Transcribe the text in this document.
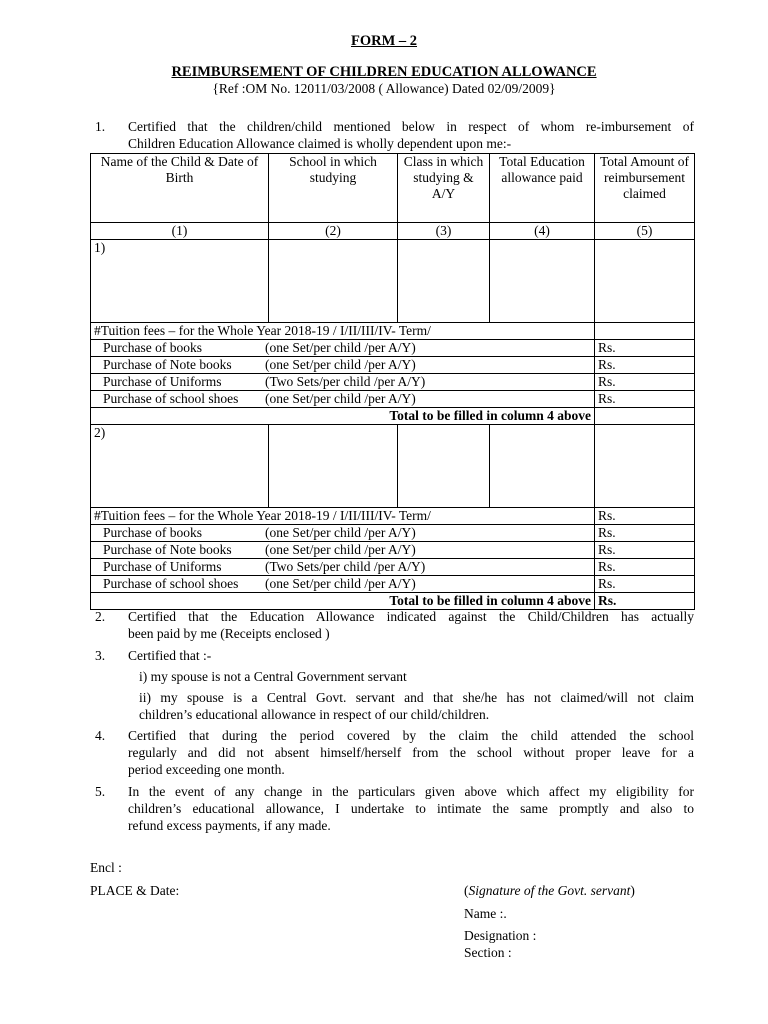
FORM – 2
REIMBURSEMENT OF CHILDREN EDUCATION ALLOWANCE
{Ref :OM No. 12011/03/2008 ( Allowance) Dated 02/09/2009}
1. Certified that the children/child mentioned below in respect of whom re-imbursement of
Children Education Allowance claimed is wholly dependent upon me:-
Name of the Child & Date of Birth	School in which studying	Class in which studying & A/Y	Total Education allowance paid	Total Amount of reimbursement claimed
(1)	(2)	(3)	(4)	(5)
1)				
#Tuition fees – for the Whole Year 2018-19 / I/II/III/IV- Term/				
Purchase of books (one Set/per child /per A/Y)				Rs.
Purchase of Note books (one Set/per child /per A/Y)				Rs.
Purchase of Uniforms (Two Sets/per child /per A/Y)				Rs.
Purchase of school shoes (one Set/per child /per A/Y)				Rs.
Total to be filled in column 4 above				
2)				
#Tuition fees – for the Whole Year 2018-19 / I/II/III/IV- Term/				Rs.
Purchase of books (one Set/per child /per A/Y)				Rs.
Purchase of Note books (one Set/per child /per A/Y)				Rs.
Purchase of Uniforms (Two Sets/per child /per A/Y)				Rs.
Purchase of school shoes (one Set/per child /per A/Y)				Rs.
Total to be filled in column 4 above				Rs.
2. Certified that the Education Allowance indicated against the Child/Children has actually
been paid by me (Receipts enclosed )
3. Certified that :-
i) my spouse is not a Central Government servant
ii) my spouse is a Central Govt. servant and that she/he has not claimed/will not claim
children’s educational allowance in respect of our child/children.
4. Certified that during the period covered by the claim the child attended the school
regularly and did not absent himself/herself from the school without proper leave for a
period exceeding one month.
5. In the event of any change in the particulars given above which affect my eligibility for
children’s educational allowance, I undertake to intimate the same promptly and also to
refund excess payments, if any made.
Encl :
PLACE & Date:	(Signature of the Govt. servant)
Name :.
Designation :
Section :
